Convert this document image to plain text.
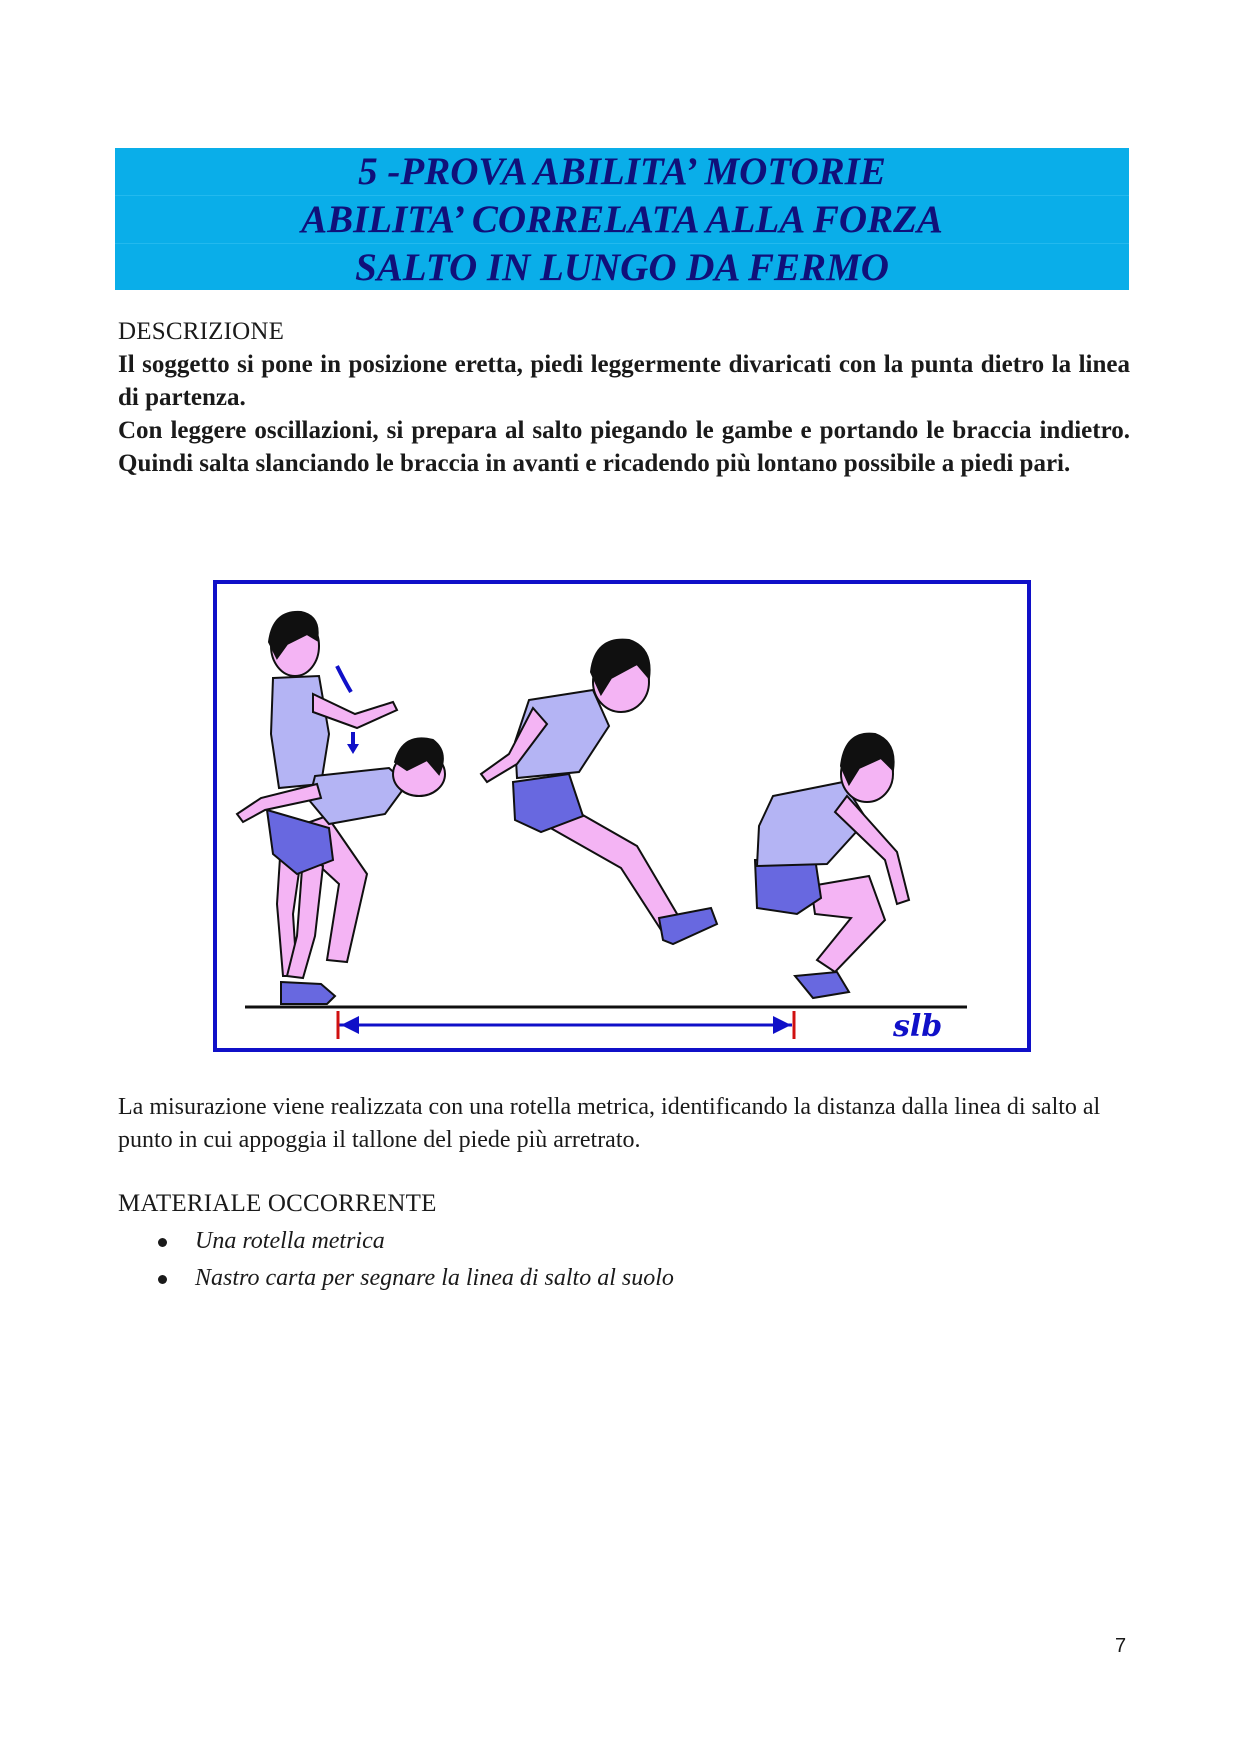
5 -PROVA ABILITA’ MOTORIE
ABILITA’ CORRELATA ALLA FORZA
SALTO IN LUNGO DA FERMO
DESCRIZIONE

Il soggetto si pone in posizione eretta, piedi leggermente divaricati con la punta dietro la linea di partenza.

Con leggere oscillazioni, si prepara al salto piegando le gambe e portando le braccia indietro. Quindi salta slanciando le braccia in avanti e ricadendo più lontano possibile a piedi pari.

slb

La misurazione viene realizzata con una rotella metrica, identificando la distanza dalla linea di salto al punto in cui appoggia il tallone del piede più arretrato.

MATERIALE OCCORRENTE
Una rotella metrica
Nastro carta per segnare la linea di salto al suolo
7
